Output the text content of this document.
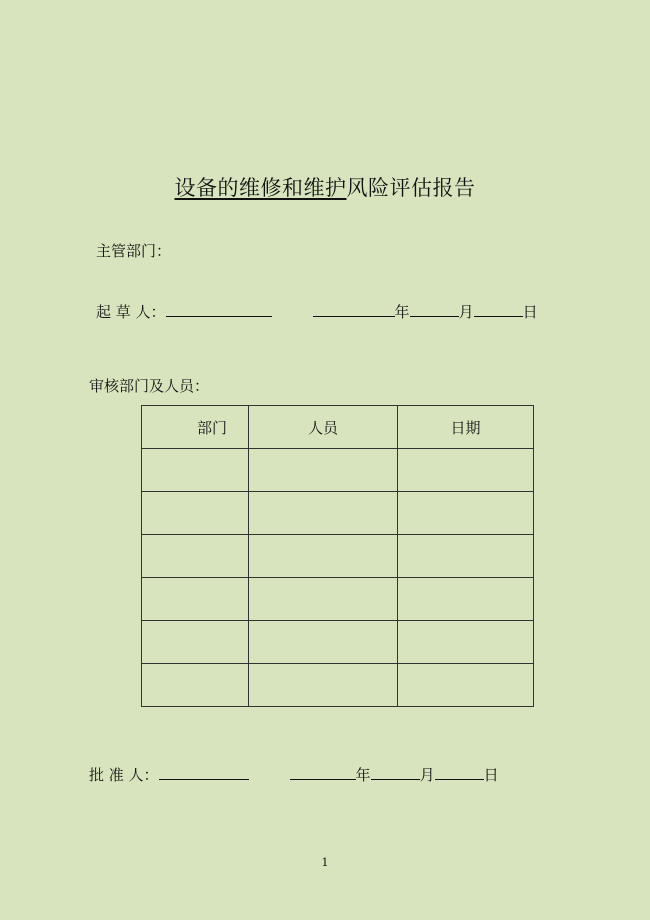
设备的维修和维护风险评估报告
主管部门：
起 草 人：	年	月	日
审核部门及人员：
部门	人员	日期

批 准 人：	年	月	日
1
